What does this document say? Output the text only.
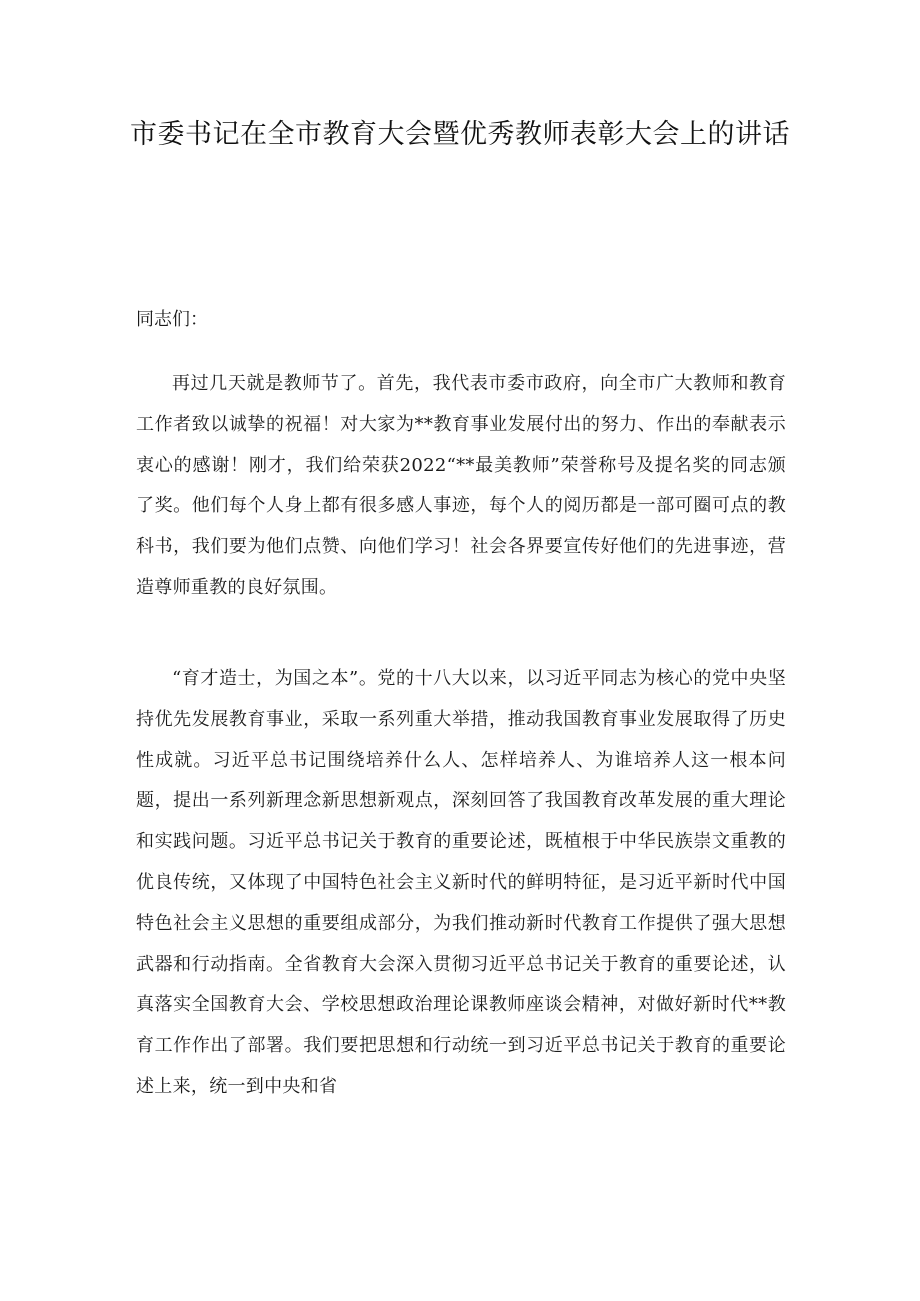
市委书记在全市教育大会暨优秀教师表彰大会上的讲话

同志们：

再过几天就是教师节了。首先，我代表市委市政府，向全市广大教师和教育工作者致以诚挚的祝福！对大家为**教育事业发展付出的努力、作出的奉献表示衷心的感谢！刚才，我们给荣获2022“**最美教师”荣誉称号及提名奖的同志颁了奖。他们每个人身上都有很多感人事迹，每个人的阅历都是一部可圈可点的教科书，我们要为他们点赞、向他们学习！社会各界要宣传好他们的先进事迹，营造尊师重教的良好氛围。

“育才造士，为国之本”。党的十八大以来，以习近平同志为核心的党中央坚持优先发展教育事业，采取一系列重大举措，推动我国教育事业发展取得了历史性成就。习近平总书记围绕培养什么人、怎样培养人、为谁培养人这一根本问题，提出一系列新理念新思想新观点，深刻回答了我国教育改革发展的重大理论和实践问题。习近平总书记关于教育的重要论述，既植根于中华民族崇文重教的优良传统，又体现了中国特色社会主义新时代的鲜明特征，是习近平新时代中国特色社会主义思想的重要组成部分，为我们推动新时代教育工作提供了强大思想武器和行动指南。全省教育大会深入贯彻习近平总书记关于教育的重要论述，认真落实全国教育大会、学校思想政治理论课教师座谈会精神，对做好新时代**教育工作作出了部署。我们要把思想和行动统一到习近平总书记关于教育的重要论述上来，统一到中央和省
